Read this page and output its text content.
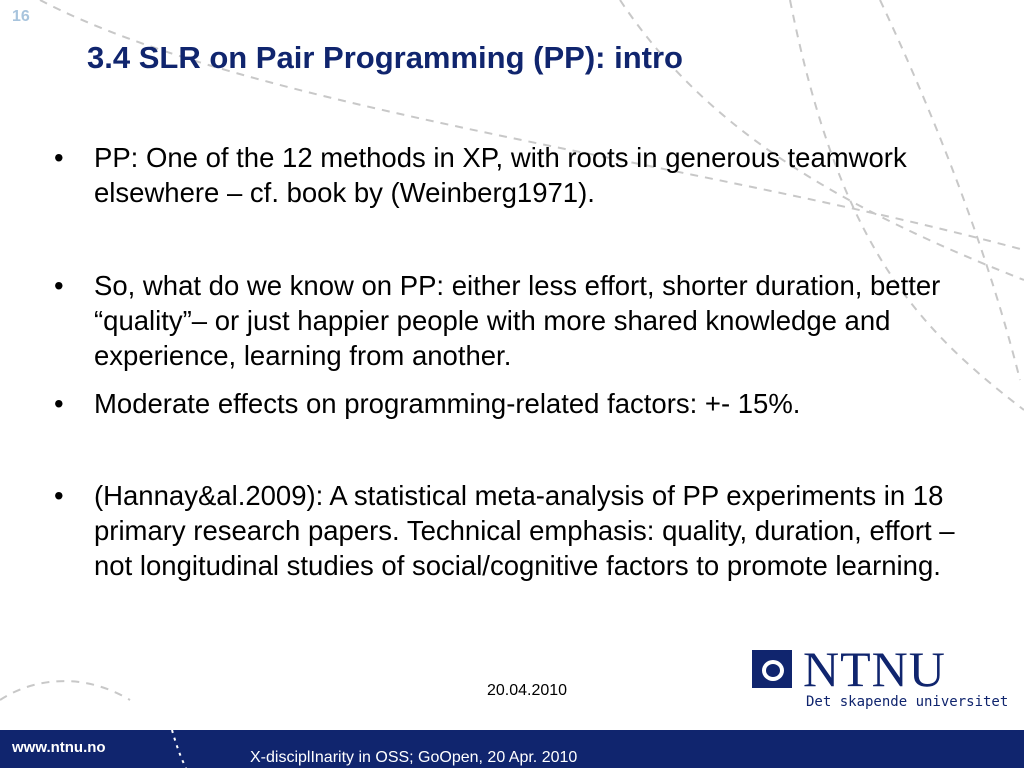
16
3.4 SLR on Pair Programming (PP): intro
• PP: One of the 12 methods in XP, with roots in generous teamwork elsewhere – cf. book by (Weinberg1971).
• So, what do we know on PP: either less effort, shorter duration, better “quality”– or just happier people with more shared knowledge and experience, learning from another.
• Moderate effects on programming-related factors: +- 15%.
• (Hannay&al.2009): A statistical meta-analysis of PP experiments in 18 primary research papers. Technical emphasis: quality, duration, effort – not longitudinal studies of social/cognitive factors to promote learning.
20.04.2010	NTNU
Det skapende universitet
www.ntnu.no
X-disciplInarity in OSS; GoOpen, 20 Apr. 2010
